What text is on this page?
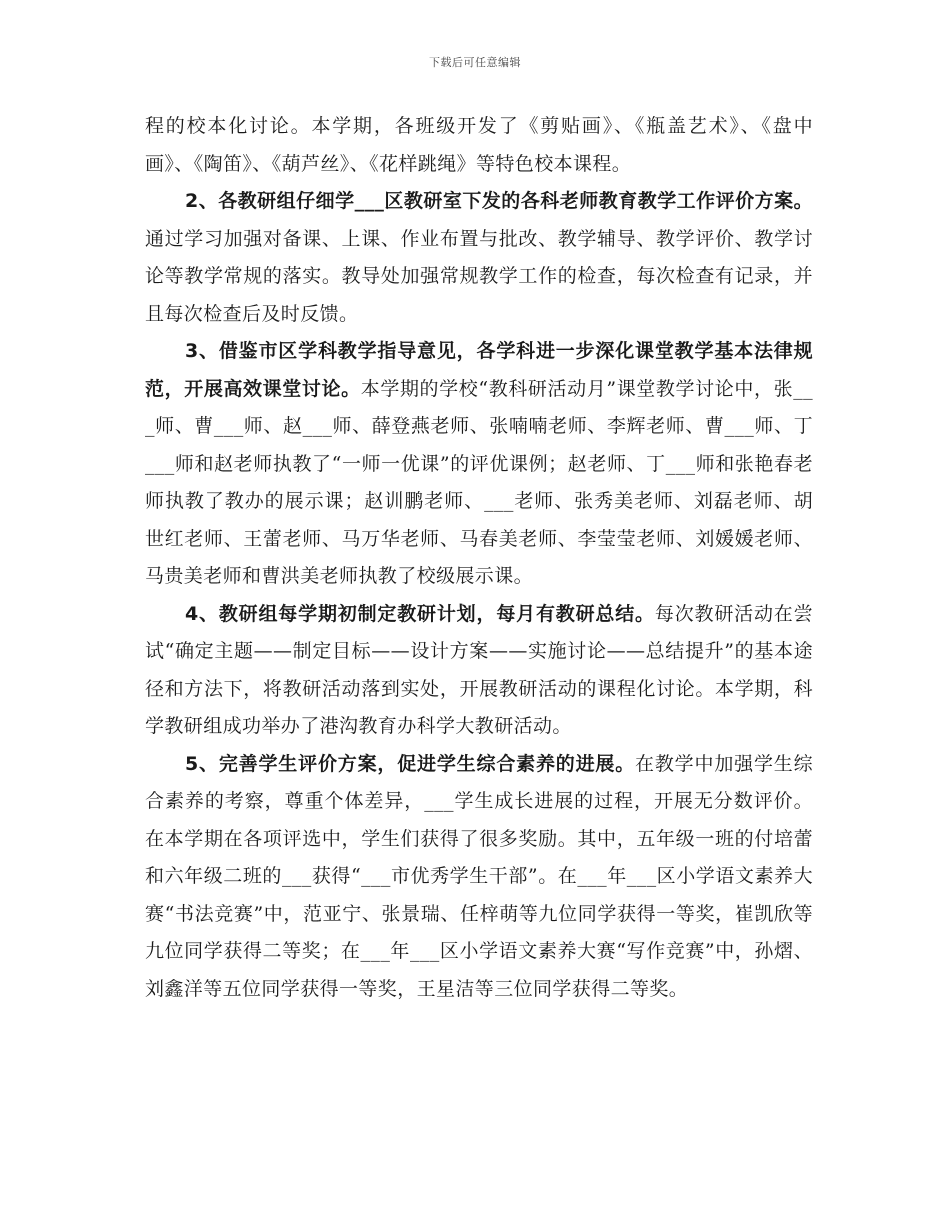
下载后可任意编辑

程的校本化讨论。本学期，各班级开发了《剪贴画》、《瓶盖艺术》、《盘中画》、《陶笛》、《葫芦丝》、《花样跳绳》等特色校本课程。

2、各教研组仔细学___区教研室下发的各科老师教育教学工作评价方案。通过学习加强对备课、上课、作业布置与批改、教学辅导、教学评价、教学讨论等教学常规的落实。教导处加强常规教学工作的检查，每次检查有记录，并且每次检查后及时反馈。

3、借鉴市区学科教学指导意见，各学科进一步深化课堂教学基本法律规范，开展高效课堂讨论。本学期的学校“教科研活动月”课堂教学讨论中，张___师、曹___师、赵___师、薛登燕老师、张喃喃老师、李辉老师、曹___师、丁___师和赵老师执教了“一师一优课”的评优课例；赵老师、丁___师和张艳春老师执教了教办的展示课；赵训鹏老师、___老师、张秀美老师、刘磊老师、胡世红老师、王蕾老师、马万华老师、马春美老师、李莹莹老师、刘媛媛老师、马贵美老师和曹洪美老师执教了校级展示课。

4、教研组每学期初制定教研计划，每月有教研总结。每次教研活动在尝试“确定主题——制定目标——设计方案——实施讨论——总结提升”的基本途径和方法下，将教研活动落到实处，开展教研活动的课程化讨论。本学期，科学教研组成功举办了港沟教育办科学大教研活动。

5、完善学生评价方案，促进学生综合素养的进展。在教学中加强学生综合素养的考察，尊重个体差异，___学生成长进展的过程，开展无分数评价。在本学期在各项评选中，学生们获得了很多奖励。其中，五年级一班的付培蕾和六年级二班的___获得“___市优秀学生干部”。在___年___区小学语文素养大赛“书法竞赛”中，范亚宁、张景瑞、任梓萌等九位同学获得一等奖，崔凯欣等九位同学获得二等奖；在___年___区小学语文素养大赛“写作竞赛”中，孙熠、刘鑫洋等五位同学获得一等奖，王星洁等三位同学获得二等奖。
